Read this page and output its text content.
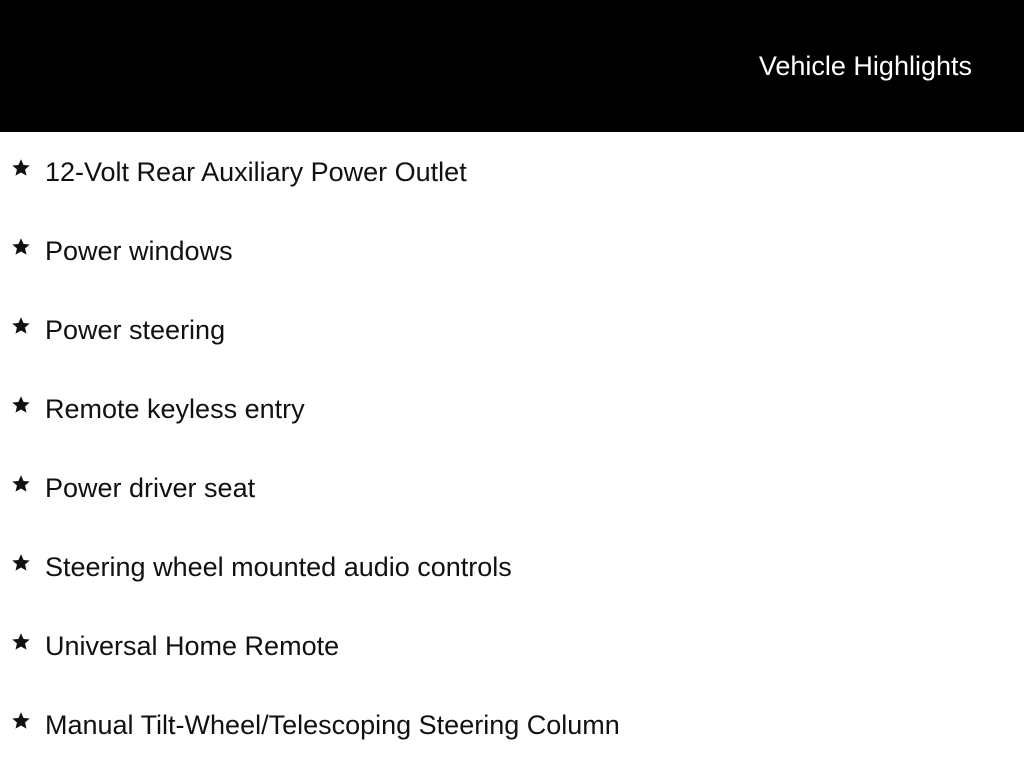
Vehicle Highlights
12-Volt Rear Auxiliary Power Outlet
Power windows
Power steering
Remote keyless entry
Power driver seat
Steering wheel mounted audio controls
Universal Home Remote
Manual Tilt-Wheel/Telescoping Steering Column
